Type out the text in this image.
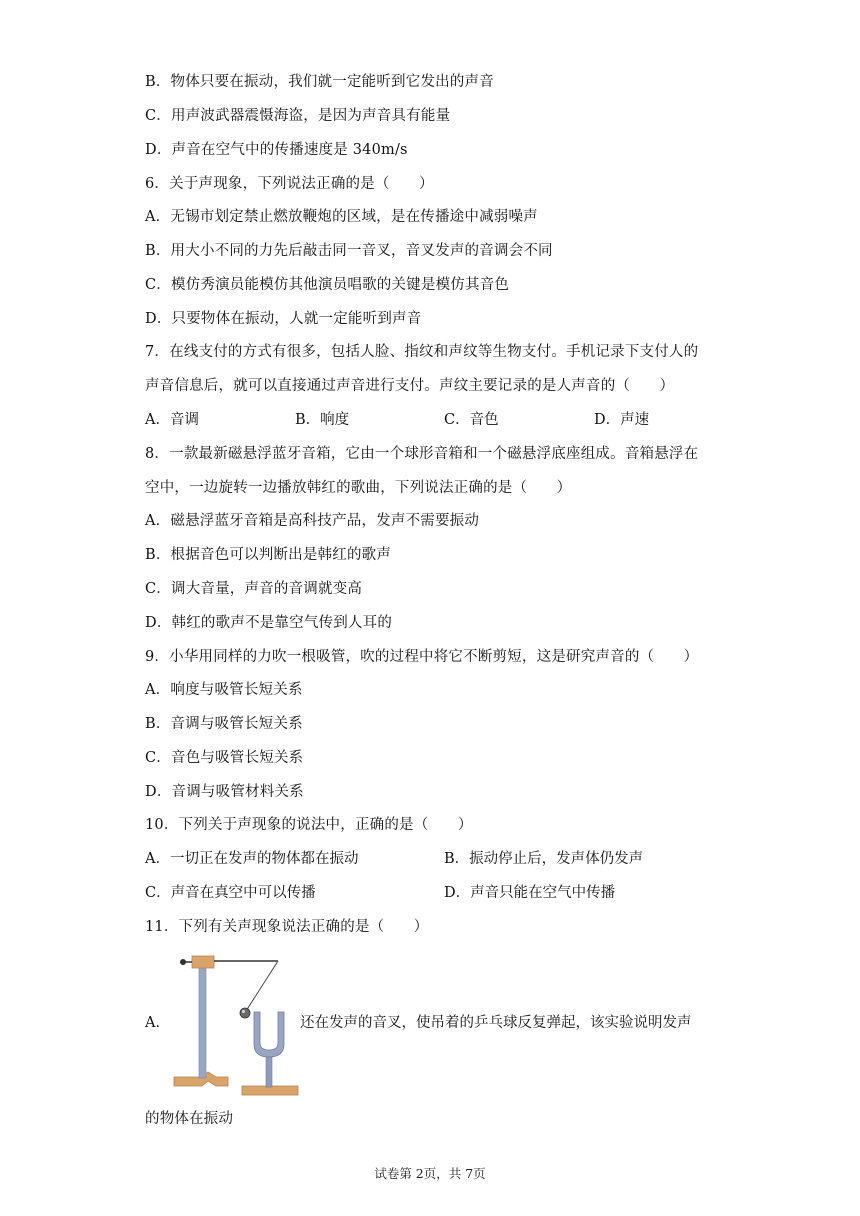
B．物体只要在振动，我们就一定能听到它发出的声音
C．用声波武器震慑海盗，是因为声音具有能量
D．声音在空气中的传播速度是 340m/s
6．关于声现象，下列说法正确的是（　　）
A．无锡市划定禁止燃放鞭炮的区域，是在传播途中减弱噪声
B．用大小不同的力先后敲击同一音叉，音叉发声的音调会不同
C．模仿秀演员能模仿其他演员唱歌的关键是模仿其音色
D．只要物体在振动，人就一定能听到声音
7．在线支付的方式有很多，包括人脸、指纹和声纹等生物支付。手机记录下支付人的
声音信息后，就可以直接通过声音进行支付。声纹主要记录的是人声音的（　　）
A．音调	B．响度	C．音色	D．声速
8．一款最新磁悬浮蓝牙音箱，它由一个球形音箱和一个磁悬浮底座组成。音箱悬浮在
空中，一边旋转一边播放韩红的歌曲，下列说法正确的是（　　）
A．磁悬浮蓝牙音箱是高科技产品，发声不需要振动
B．根据音色可以判断出是韩红的歌声
C．调大音量，声音的音调就变高
D．韩红的歌声不是靠空气传到人耳的
9．小华用同样的力吹一根吸管，吹的过程中将它不断剪短，这是研究声音的（　　）
A．响度与吸管长短关系
B．音调与吸管长短关系
C．音色与吸管长短关系
D．音调与吸管材料关系
10．下列关于声现象的说法中，正确的是（　　）
A．一切正在发声的物体都在振动	B．振动停止后，发声体仍发声
C．声音在真空中可以传播	D．声音只能在空气中传播
11．下列有关声现象说法正确的是（　　）
A．	还在发声的音叉，使吊着的乒乓球反复弹起，该实验说明发声
的物体在振动
试卷第 2页，共 7页
